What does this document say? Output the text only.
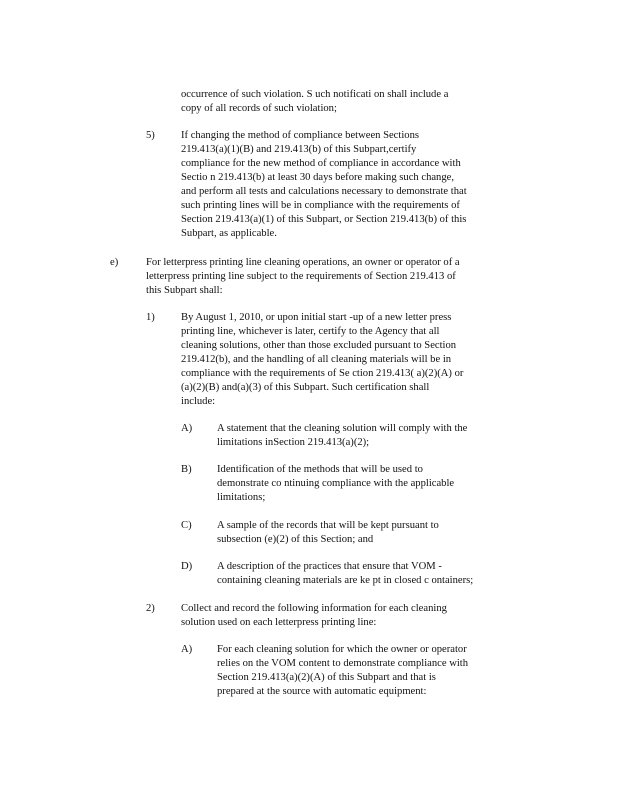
occurrence of such violation. S uch notificati on shall include a
copy of all records of such violation;
5) If changing the method of compliance between Sections
219.413(a)(1)(B) and 219.413(b) of this Subpart,certify
compliance for the new method of compliance in accordance with
Sectio n 219.413(b) at least 30 days before making such change,
and perform all tests and calculations necessary to demonstrate that
such printing lines will be in compliance with the requirements of
Section 219.413(a)(1) of this Subpart, or Section 219.413(b) of this
Subpart, as applicable.
e)	For letterpress printing line cleaning operations, an owner or operator of a
letterpress printing line subject to the requirements of Section 219.413 of
this Subpart shall:
1) By August 1, 2010, or upon initial start -up of a new letter press
printing line, whichever is later, certify to the Agency that all
cleaning solutions, other than those excluded pursuant to Section
219.412(b), and the handling of all cleaning materials will be in
compliance with the requirements of Se ction 219.413( a)(2)(A) or
(a)(2)(B) and(a)(3) of this Subpart. Such certification shall
include:
A) A statement that the cleaning solution will comply with the
limitations inSection 219.413(a)(2);
B) Identification of the methods that will be used to
demonstrate co ntinuing compliance with the applicable
limitations;
C) A sample of the records that will be kept pursuant to
subsection (e)(2) of this Section; and
D) A description of the practices that ensure that VOM -
containing cleaning materials are ke pt in closed c ontainers;
2) Collect and record the following information for each cleaning
solution used on each letterpress printing line:
A) For each cleaning solution for which the owner or operator
relies on the VOM content to demonstrate compliance with
Section 219.413(a)(2)(A) of this Subpart and that is
prepared at the source with automatic equipment:
